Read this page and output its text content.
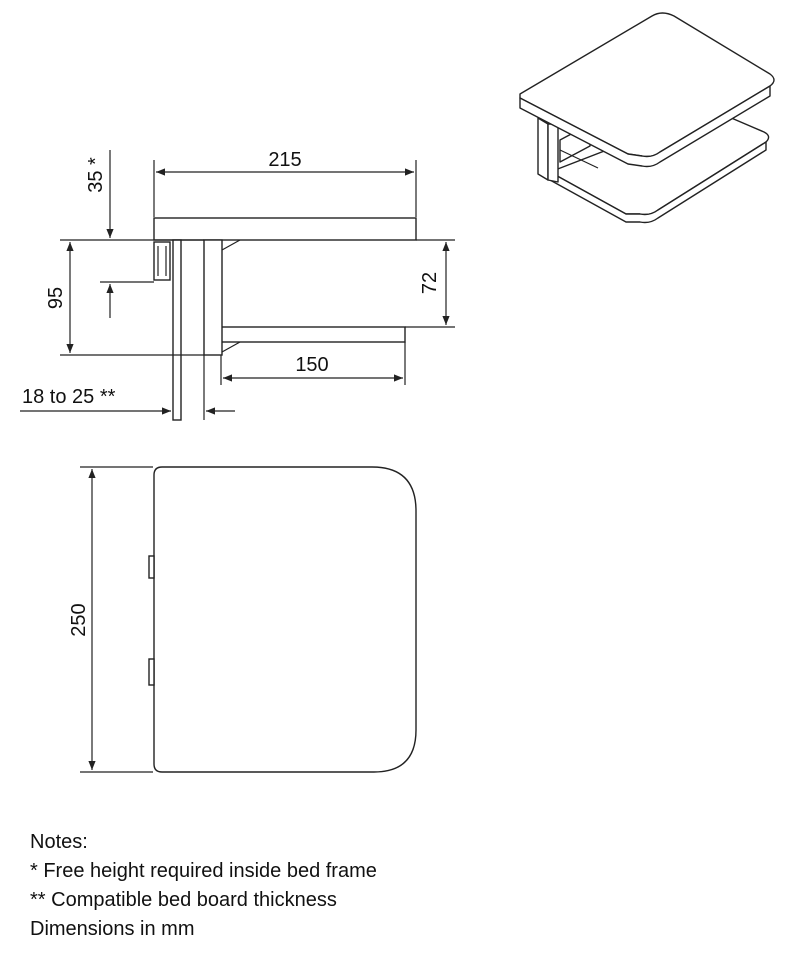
215
35 *
95
72
150
18 to 25 **
250
Notes:
* Free height required inside bed frame
** Compatible bed board thickness
Dimensions in mm
